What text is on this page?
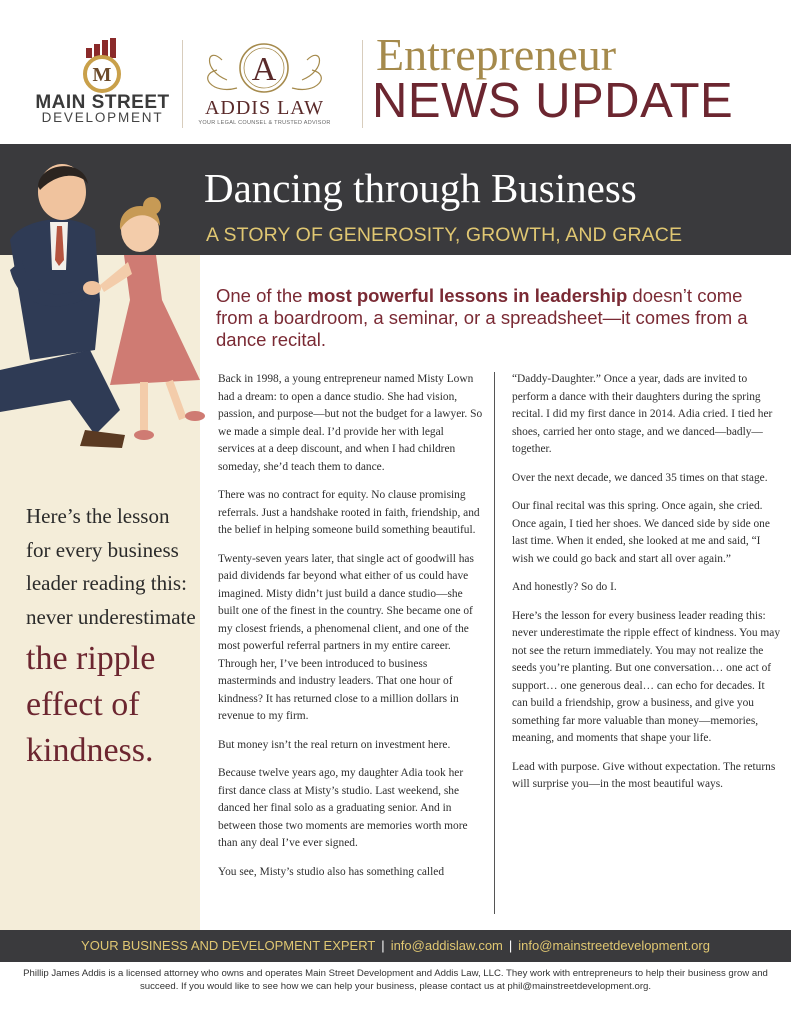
M
MAIN STREET
DEVELOPMENT
A
ADDIS LAW
YOUR LEGAL COUNSEL & TRUSTED ADVISOR
Entrepreneur
NEWS UPDATE
Dancing through Business
A STORY OF GENEROSITY, GROWTH, AND GRACE
One of the most powerful lessons in leadership doesn’t come from a boardroom, a seminar, or a spreadsheet—it comes from a dance recital.
Here’s the lesson for every business leader reading this: never underestimate
the ripple effect of kindness.

Back in 1998, a young entrepreneur named Misty Lown had a dream: to open a dance studio. She had vision, passion, and purpose—but not the budget for a lawyer. So we made a simple deal. I’d provide her with legal services at a deep discount, and when I had children someday, she’d teach them to dance.

There was no contract for equity. No clause promising referrals. Just a handshake rooted in faith, friendship, and the belief in helping someone build something beautiful.

Twenty-seven years later, that single act of goodwill has paid dividends far beyond what either of us could have imagined. Misty didn’t just build a dance studio—she built one of the finest in the country. She became one of my closest friends, a phenomenal client, and one of the most powerful referral partners in my entire career. Through her, I’ve been introduced to business masterminds and industry leaders. That one hour of kindness? It has returned close to a million dollars in revenue to my firm.

But money isn’t the real return on investment here.

Because twelve years ago, my daughter Adia took her first dance class at Misty’s studio. Last weekend, she danced her final solo as a graduating senior. And in between those two moments are memories worth more than any deal I’ve ever signed.

You see, Misty’s studio also has something called

“Daddy-Daughter.” Once a year, dads are invited to perform a dance with their daughters during the spring recital. I did my first dance in 2014. Adia cried. I tied her shoes, carried her onto stage, and we danced—badly—together.

Over the next decade, we danced 35 times on that stage.

Our final recital was this spring. Once again, she cried. Once again, I tied her shoes. We danced side by side one last time. When it ended, she looked at me and said, “I wish we could go back and start all over again.”

And honestly? So do I.

Here’s the lesson for every business leader reading this: never underestimate the ripple effect of kindness. You may not see the return immediately. You may not realize the seeds you’re planting. But one conversation… one act of support… one generous deal… can echo for decades. It can build a friendship, grow a business, and give you something far more valuable than money—memories, meaning, and moments that shape your life.

Lead with purpose. Give without expectation. The returns will surprise you—in the most beautiful ways.

YOUR BUSINESS AND DEVELOPMENT EXPERT | info@addislaw.com | info@mainstreetdevelopment.org
Phillip James Addis is a licensed attorney who owns and operates Main Street Development and Addis Law, LLC. They work with entrepreneurs to help their business grow and succeed. If you would like to see how we can help your business, please contact us at phil@mainstreetdevelopment.org.
